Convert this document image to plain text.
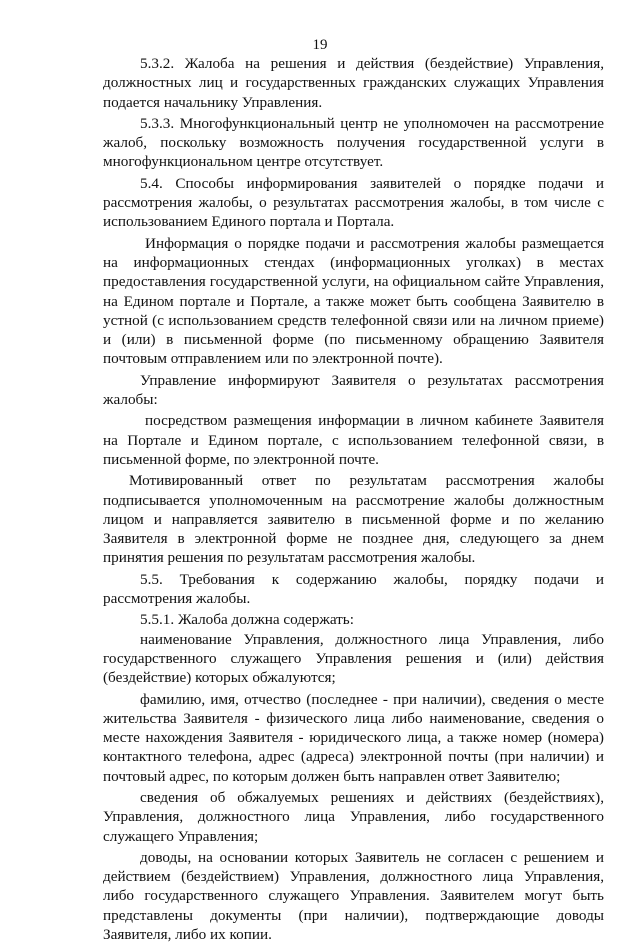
19

5.3.2. Жалоба на решения и действия (бездействие) Управления, должностных лиц и государственных гражданских служащих Управления подается начальнику Управления.

5.3.3. Многофункциональный центр не уполномочен на рассмотрение жалоб, поскольку возможность получения государственной услуги в многофункциональном центре отсутствует.

5.4. Способы информирования заявителей о порядке подачи и рассмотрения жалобы, о результатах рассмотрения жалобы, в том числе с использованием Единого портала и Портала.

Информация о порядке подачи и рассмотрения жалобы размещается на информационных стендах (информационных уголках) в местах предоставления государственной услуги, на официальном сайте Управления, на Едином портале и Портале, а также может быть сообщена Заявителю в устной (с использованием средств телефонной связи или на личном приеме) и (или) в письменной форме (по письменному обращению Заявителя почтовым отправлением или по электронной почте).

Управление информируют Заявителя о результатах рассмотрения жалобы:

посредством размещения информации в личном кабинете Заявителя на Портале и Едином портале, с использованием телефонной связи, в письменной форме, по электронной почте.

Мотивированный ответ по результатам рассмотрения жалобы подписывается уполномоченным на рассмотрение жалобы должностным лицом и направляется заявителю в письменной форме и по желанию Заявителя в электронной форме не позднее дня, следующего за днем принятия решения по результатам рассмотрения жалобы.

5.5. Требования к содержанию жалобы, порядку подачи и рассмотрения жалобы.

5.5.1. Жалоба должна содержать:

наименование Управления, должностного лица Управления, либо государственного служащего Управления решения и (или) действия (бездействие) которых обжалуются;

фамилию, имя, отчество (последнее - при наличии), сведения о месте жительства Заявителя - физического лица либо наименование, сведения о месте нахождения Заявителя - юридического лица, а также номер (номера) контактного телефона, адрес (адреса) электронной почты (при наличии) и почтовый адрес, по которым должен быть направлен ответ Заявителю;

сведения об обжалуемых решениях и действиях (бездействиях), Управления, должностного лица Управления, либо государственного служащего Управления;

доводы, на основании которых Заявитель не согласен с решением и действием (бездействием) Управления, должностного лица Управления, либо государственного служащего Управления. Заявителем могут быть представлены документы (при наличии), подтверждающие доводы Заявителя, либо их копии.
